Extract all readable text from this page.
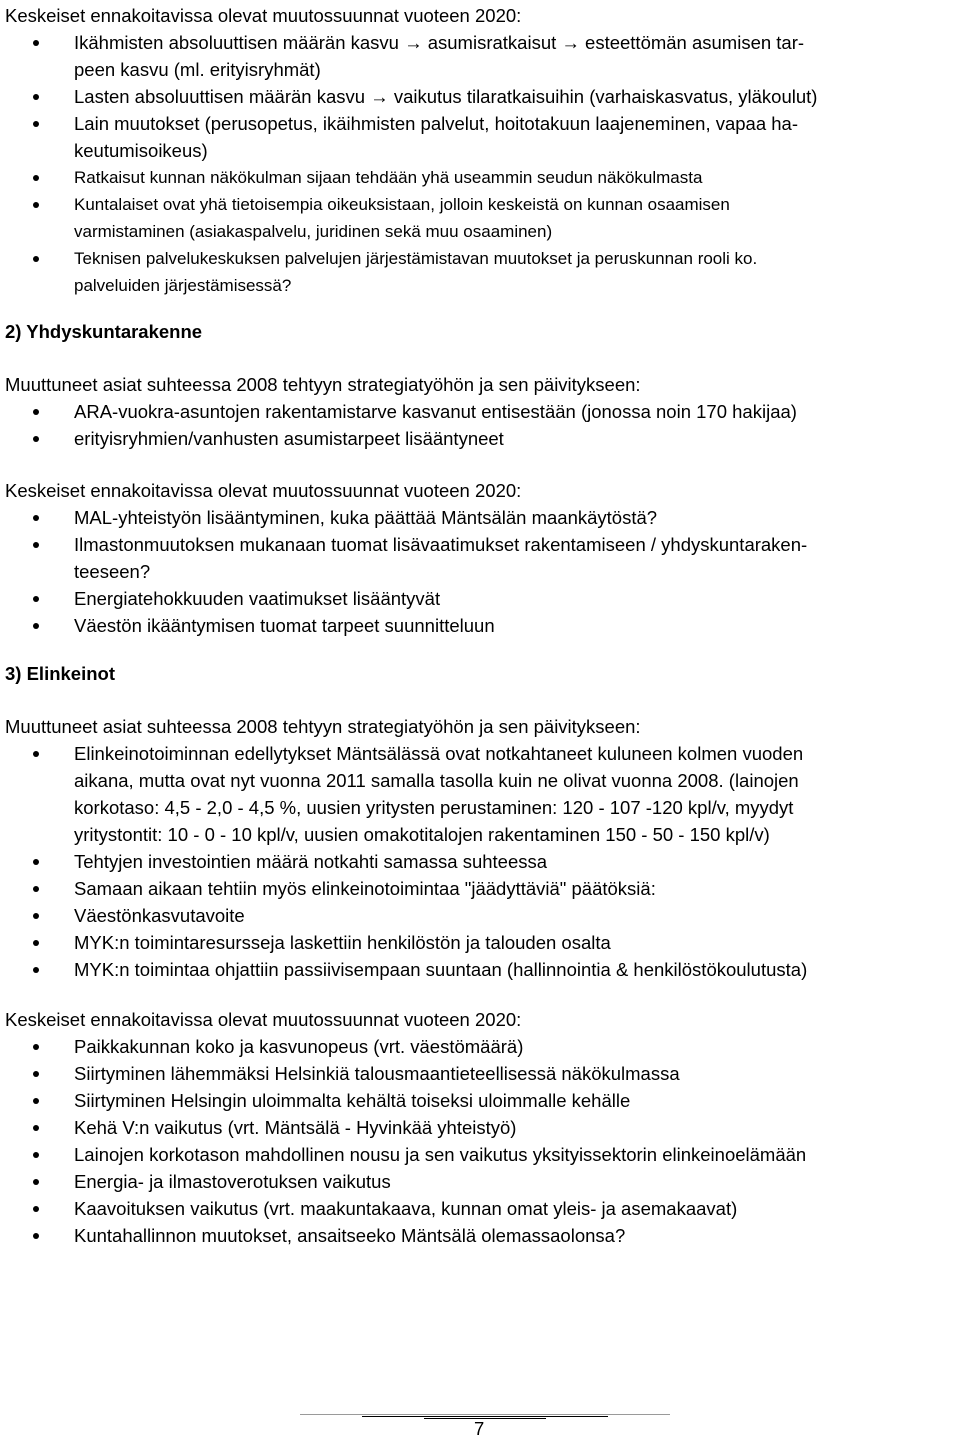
Keskeiset ennakoitavissa olevat muutossuunnat vuoteen 2020:

Ikähmisten absoluuttisen määrän kasvu → asumisratkaisut → esteettömän asumisen tar-
peen kasvu (ml. erityisryhmät)
Lasten absoluuttisen määrän kasvu → vaikutus tilaratkaisuihin (varhaiskasvatus, yläkoulut)
Lain muutokset (perusopetus, ikäihmisten palvelut, hoitotakuun laajeneminen, vapaa ha-
keutumisoikeus)
Ratkaisut kunnan näkökulman sijaan tehdään yhä useammin seudun näkökulmasta
Kuntalaiset ovat yhä tietoisempia oikeuksistaan, jolloin keskeistä on kunnan osaamisen
varmistaminen (asiakaspalvelu, juridinen sekä muu osaaminen)
Teknisen palvelukeskuksen palvelujen järjestämistavan muutokset ja peruskunnan rooli ko.
palveluiden järjestämisessä?

2) Yhdyskuntarakenne

Muuttuneet asiat suhteessa 2008 tehtyyn strategiatyöhön ja sen päivitykseen:

ARA-vuokra-asuntojen rakentamistarve kasvanut entisestään (jonossa noin 170 hakijaa)
erityisryhmien/vanhusten asumistarpeet lisääntyneet

Keskeiset ennakoitavissa olevat muutossuunnat vuoteen 2020:

MAL-yhteistyön lisääntyminen, kuka päättää Mäntsälän maankäytöstä?
Ilmastonmuutoksen mukanaan tuomat lisävaatimukset rakentamiseen / yhdyskuntaraken-
teeseen?
Energiatehokkuuden vaatimukset lisääntyvät
Väestön ikääntymisen tuomat tarpeet suunnitteluun

3) Elinkeinot

Muuttuneet asiat suhteessa 2008 tehtyyn strategiatyöhön ja sen päivitykseen:

Elinkeinotoiminnan edellytykset Mäntsälässä ovat notkahtaneet kuluneen kolmen vuoden
aikana, mutta ovat nyt vuonna 2011 samalla tasolla kuin ne olivat vuonna 2008. (lainojen
korkotaso: 4,5 - 2,0 - 4,5 %, uusien yritysten perustaminen: 120 - 107 -120 kpl/v, myydyt
yritystontit: 10 - 0 - 10 kpl/v, uusien omakotitalojen rakentaminen 150 - 50 - 150 kpl/v)
Tehtyjen investointien määrä notkahti samassa suhteessa
Samaan aikaan tehtiin myös elinkeinotoimintaa "jäädyttäviä" päätöksiä:
Väestönkasvutavoite
MYK:n toimintaresursseja laskettiin henkilöstön ja talouden osalta
MYK:n toimintaa ohjattiin passiivisempaan suuntaan (hallinnointia & henkilöstökoulutusta)

Keskeiset ennakoitavissa olevat muutossuunnat vuoteen 2020:

Paikkakunnan koko ja kasvunopeus (vrt. väestömäärä)
Siirtyminen lähemmäksi Helsinkiä talousmaantieteellisessä näkökulmassa
Siirtyminen Helsingin uloimmalta kehältä toiseksi uloimmalle kehälle
Kehä V:n vaikutus (vrt. Mäntsälä - Hyvinkää yhteistyö)
Lainojen korkotason mahdollinen nousu ja sen vaikutus yksityissektorin elinkeinoelämään
Energia- ja ilmastoverotuksen vaikutus
Kaavoituksen vaikutus (vrt. maakuntakaava, kunnan omat yleis- ja asemakaavat)
Kuntahallinnon muutokset, ansaitseeko Mäntsälä olemassaolonsa?
7
